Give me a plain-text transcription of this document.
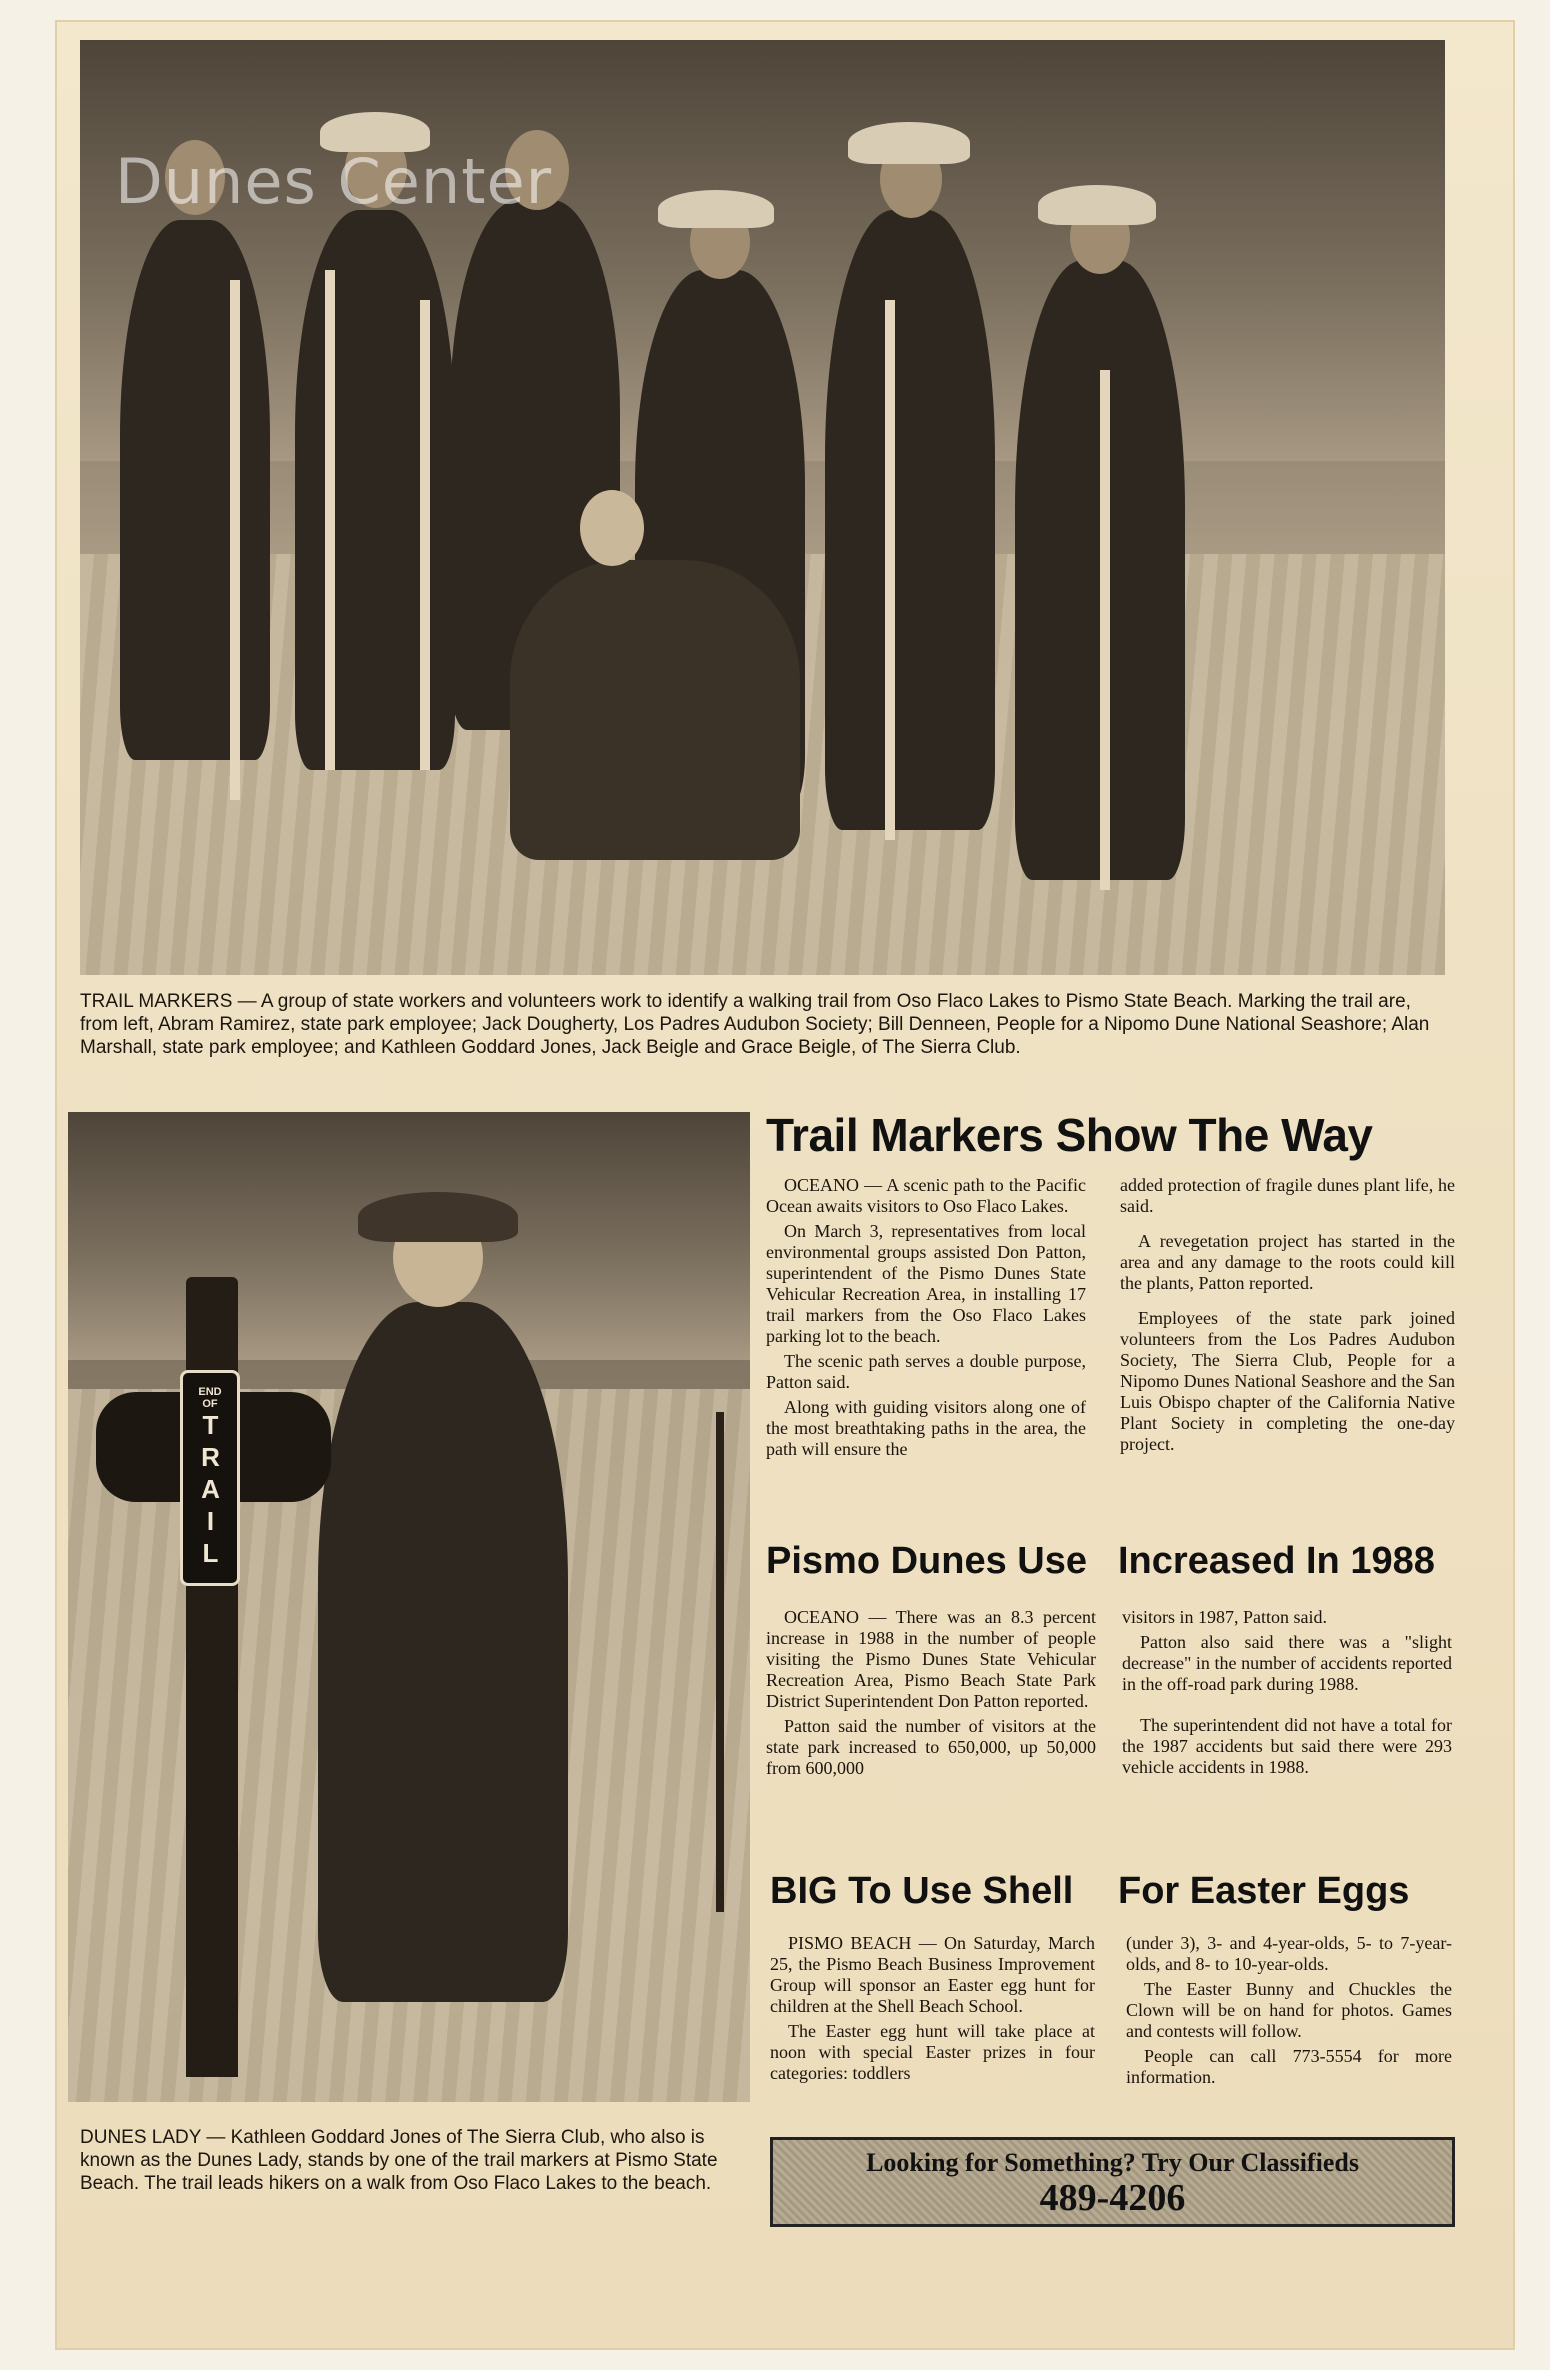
Dunes Center
TRAIL MARKERS — A group of state workers and volunteers work to identify a walking trail from Oso Flaco Lakes to Pismo State Beach. Marking the trail are, from left, Abram Ramirez, state park employee; Jack Dougherty, Los Padres Audubon Society; Bill Denneen, People for a Nipomo Dune National Seashore; Alan Marshall, state park employee; and Kathleen Goddard Jones, Jack Beigle and Grace Beigle, of The Sierra Club.
END
OF
TRAIL
DUNES LADY — Kathleen Goddard Jones of The Sierra Club, who also is known as the Dunes Lady, stands by one of the trail markers at Pismo State Beach. The trail leads hikers on a walk from Oso Flaco Lakes to the beach.
Trail Markers Show The Way

OCEANO — A scenic path to the Pacific Ocean awaits visitors to Oso Flaco Lakes.

On March 3, representatives from local environmental groups assisted Don Patton, superintendent of the Pismo Dunes State Vehicular Recreation Area, in installing 17 trail markers from the Oso Flaco Lakes parking lot to the beach.

The scenic path serves a double purpose, Patton said.

Along with guiding visitors along one of the most breathtaking paths in the area, the path will ensure the

added protection of fragile dunes plant life, he said.

A revegetation project has started in the area and any damage to the roots could kill the plants, Patton reported.

Employees of the state park joined volunteers from the Los Padres Audubon Society, The Sierra Club, People for a Nipomo Dunes National Seashore and the San Luis Obispo chapter of the California Native Plant Society in completing the one-day project.

Pismo Dunes Use Increased In 1988

OCEANO — There was an 8.3 percent increase in 1988 in the number of people visiting the Pismo Dunes State Vehicular Recreation Area, Pismo Beach State Park District Superintendent Don Patton reported.

Patton said the number of visitors at the state park increased to 650,000, up 50,000 from 600,000

visitors in 1987, Patton said.

Patton also said there was a "slight decrease" in the number of accidents reported in the off-road park during 1988.

The superintendent did not have a total for the 1987 accidents but said there were 293 vehicle accidents in 1988.

BIG To Use Shell For Easter Eggs

PISMO BEACH — On Saturday, March 25, the Pismo Beach Business Improvement Group will sponsor an Easter egg hunt for children at the Shell Beach School.

The Easter egg hunt will take place at noon with special Easter prizes in four categories: toddlers

(under 3), 3- and 4-year-olds, 5- to 7-year-olds, and 8- to 10-year-olds.

The Easter Bunny and Chuckles the Clown will be on hand for photos. Games and contests will follow.

People can call 773-5554 for more information.

Looking for Something? Try Our Classifieds
489-4206
